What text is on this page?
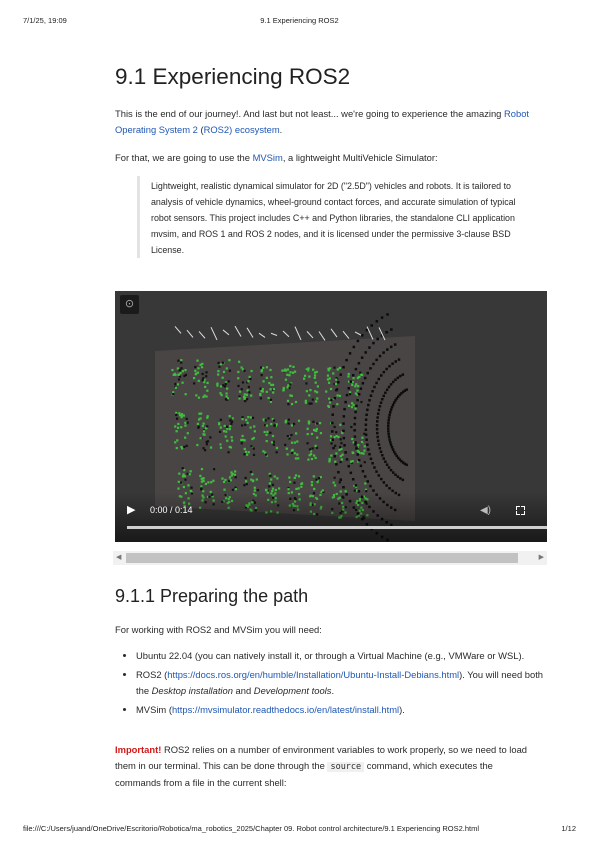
7/1/25, 19:09	9.1 Experiencing ROS2
9.1 Experiencing ROS2

This is the end of our journey!. And last but not least... we're going to experience the amazing Robot Operating System 2 (ROS2) ecosystem.

For that, we are going to use the MVSim, a lightweight MultiVehicle Simulator:

Lightweight, realistic dynamical simulator for 2D ("2.5D") vehicles and robots. It is tailored to analysis of vehicle dynamics, wheel-ground contact forces, and accurate simulation of typical robot sensors. This project includes C++ and Python libraries, the standalone CLI application mvsim, and ROS 1 and ROS 2 nodes, and it is licensed under the permissive 3-clause BSD License.
⊙
▶ 0:00 / 0:14	◀)
◀	▶
9.1.1 Preparing the path

For working with ROS2 and MVSim you will need:

• Ubuntu 22.04 (you can natively install it, or through a Virtual Machine (e.g., VMWare or WSL).
• ROS2 (https://docs.ros.org/en/humble/Installation/Ubuntu-Install-Debians.html). You will need both the Desktop installation and Development tools.
• MVSim (https://mvsimulator.readthedocs.io/en/latest/install.html).

Important! ROS2 relies on a number of environment variables to work properly, so we need to load them in our terminal. This can be done through the source command, which executes the commands from a file in the current shell:

file:///C:/Users/juand/OneDrive/Escritorio/Robotica/ma_robotics_2025/Chapter 09. Robot control architecture/9.1 Experiencing ROS2.html	1/12
